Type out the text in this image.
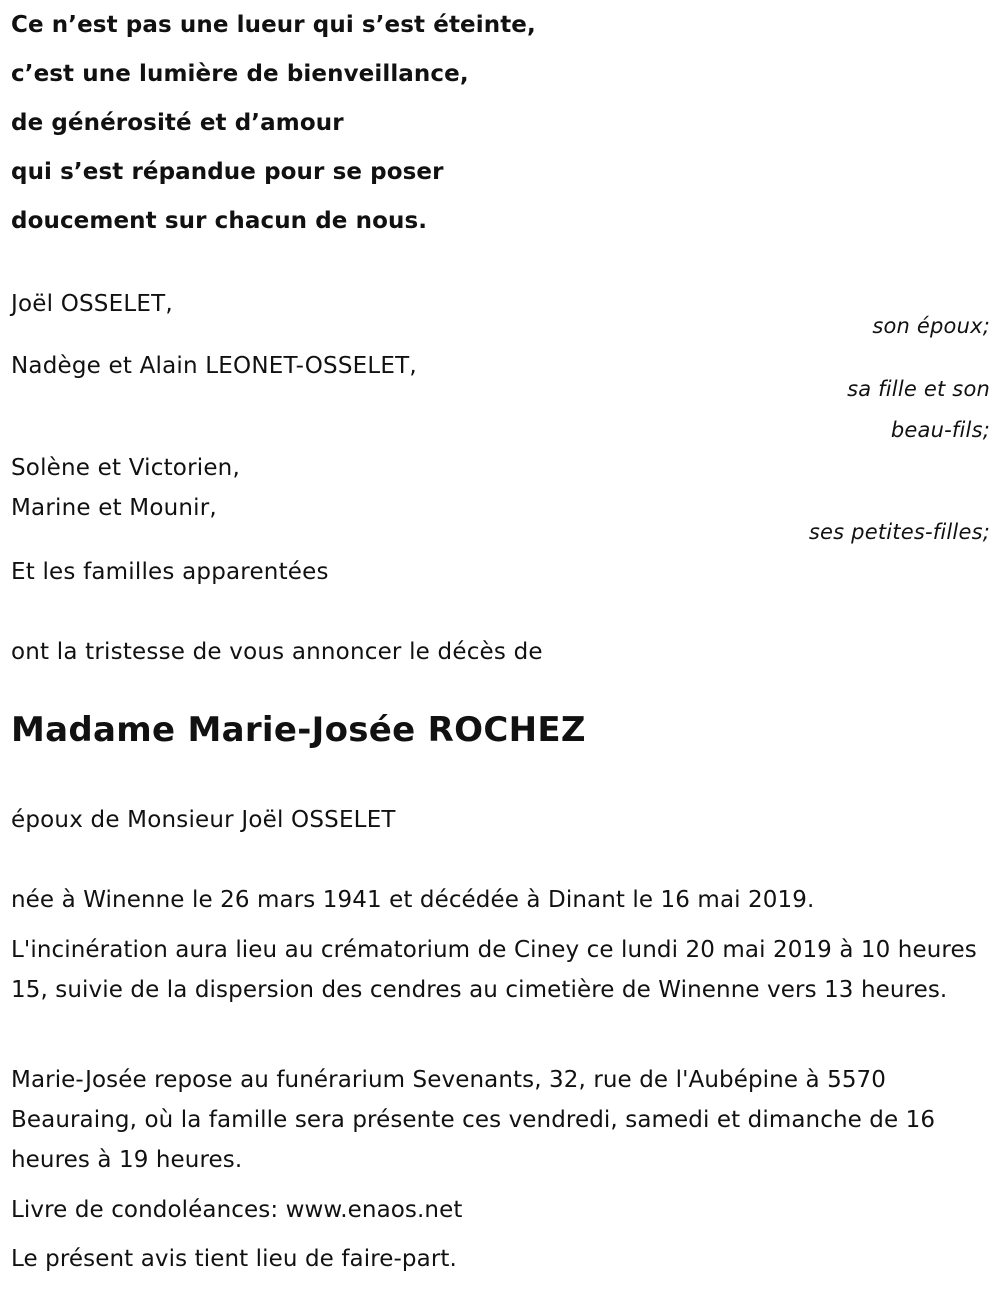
Ce n’est pas une lueur qui s’est éteinte,
c’est une lumière de bienveillance,
de générosité et d’amour
qui s’est répandue pour se poser
doucement sur chacun de nous.
Joël OSSELET,
son époux;
Nadège et Alain LEONET-OSSELET,
sa fille et son
beau-fils;
Solène et Victorien,
Marine et Mounir,
ses petites-filles;
Et les familles apparentées
ont la tristesse de vous annoncer le décès de
Madame Marie-Josée ROCHEZ
époux de Monsieur Joël OSSELET
née à Winenne le 26 mars 1941 et décédée à Dinant le 16 mai 2019.
L'incinération aura lieu au crématorium de Ciney ce lundi 20 mai 2019 à 10 heures 15, suivie de la dispersion des cendres au cimetière de Winenne vers 13 heures.
Marie-Josée repose au funérarium Sevenants, 32, rue de l'Aubépine à 5570 Beauraing, où la famille sera présente ces vendredi, samedi et dimanche de 16 heures à 19 heures.
Livre de condoléances: www.enaos.net
Le présent avis tient lieu de faire-part.
